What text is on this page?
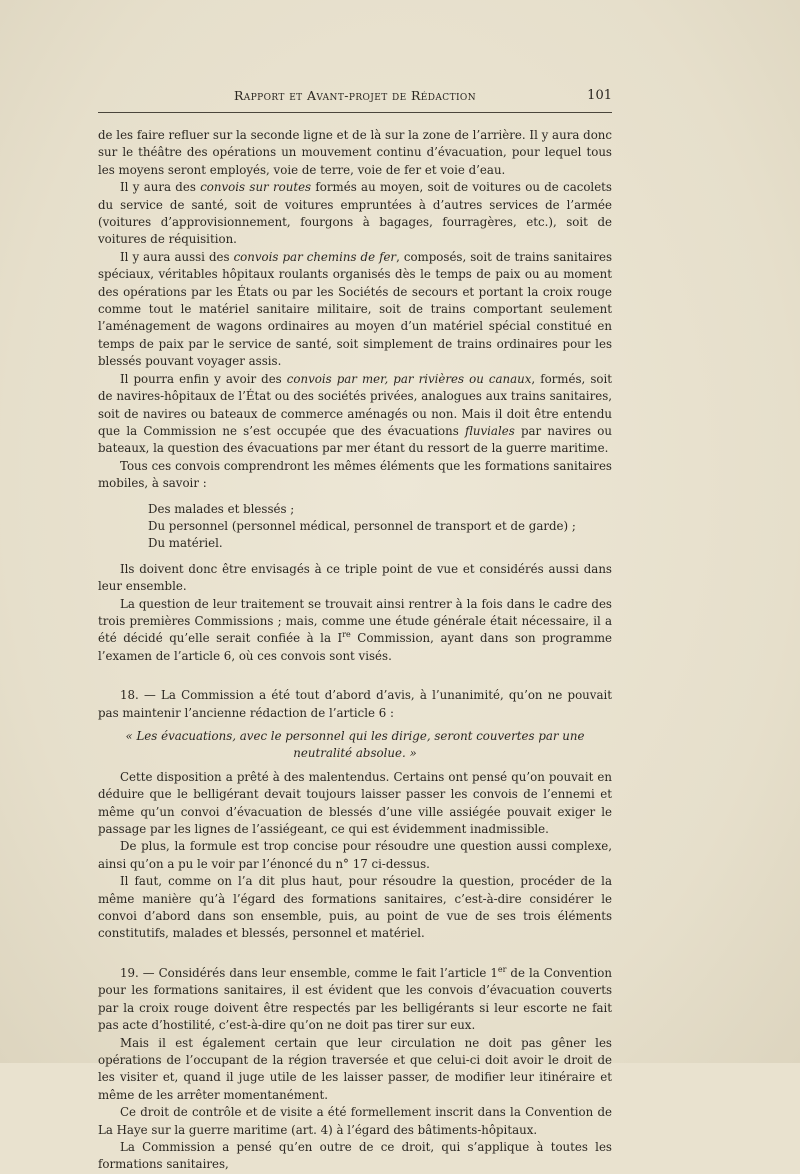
Rapport et Avant-projet de Rédaction	101

de les faire refluer sur la seconde ligne et de là sur la zone de l’arrière. Il y aura donc sur le théâtre des opérations un mouvement continu d’évacuation, pour lequel tous les moyens seront employés, voie de terre, voie de fer et voie d’eau.

Il y aura des convois sur routes formés au moyen, soit de voitures ou de cacolets du service de santé, soit de voitures empruntées à d’autres services de l’armée (voitures d’approvisionnement, fourgons à bagages, fourragères, etc.), soit de voitures de réquisition.

Il y aura aussi des convois par chemins de fer, composés, soit de trains sanitaires spéciaux, véritables hôpitaux roulants organisés dès le temps de paix ou au moment des opérations par les États ou par les Sociétés de secours et portant la croix rouge comme tout le matériel sanitaire militaire, soit de trains comportant seulement l’aménagement de wagons ordinaires au moyen d’un matériel spécial constitué en temps de paix par le service de santé, soit simplement de trains ordinaires pour les blessés pouvant voyager assis.

Il pourra enfin y avoir des convois par mer, par rivières ou canaux, formés, soit de navires-hôpitaux de l’État ou des sociétés privées, analogues aux trains sanitaires, soit de navires ou bateaux de commerce aménagés ou non. Mais il doit être entendu que la Commission ne s’est occupée que des évacuations fluviales par navires ou bateaux, la question des évacuations par mer étant du ressort de la guerre maritime.

Tous ces convois comprendront les mêmes éléments que les formations sanitaires mobiles, à savoir :

Des malades et blessés ;

Du personnel (personnel médical, personnel de transport et de garde) ;

Du matériel.

Ils doivent donc être envisagés à ce triple point de vue et considérés aussi dans leur ensemble.

La question de leur traitement se trouvait ainsi rentrer à la fois dans le cadre des trois premières Commissions ; mais, comme une étude générale était nécessaire, il a été décidé qu’elle serait confiée à la Ire Commission, ayant dans son programme l’examen de l’article 6, où ces convois sont visés.

18. — La Commission a été tout d’abord d’avis, à l’unanimité, qu’on ne pouvait pas maintenir l’ancienne rédaction de l’article 6 :

« Les évacuations, avec le personnel qui les dirige, seront couvertes par une neutralité absolue. »

Cette disposition a prêté à des malentendus. Certains ont pensé qu’on pouvait en déduire que le belligérant devait toujours laisser passer les convois de l’ennemi et même qu’un convoi d’évacuation de blessés d’une ville assiégée pouvait exiger le passage par les lignes de l’assiégeant, ce qui est évidemment inadmissible.

De plus, la formule est trop concise pour résoudre une question aussi complexe, ainsi qu’on a pu le voir par l’énoncé du n° 17 ci-dessus.

Il faut, comme on l’a dit plus haut, pour résoudre la question, procéder de la même manière qu’à l’égard des formations sanitaires, c’est-à-dire considérer le convoi d’abord dans son ensemble, puis, au point de vue de ses trois éléments constitutifs, malades et blessés, personnel et matériel.

19. — Considérés dans leur ensemble, comme le fait l’article 1er de la Convention pour les formations sanitaires, il est évident que les convois d’évacuation couverts par la croix rouge doivent être respectés par les belligérants si leur escorte ne fait pas acte d’hostilité, c’est-à-dire qu’on ne doit pas tirer sur eux.

Mais il est également certain que leur circulation ne doit pas gêner les opérations de l’occupant de la région traversée et que celui-ci doit avoir le droit de les visiter et, quand il juge utile de les laisser passer, de modifier leur itinéraire et même de les arrêter momentanément.

Ce droit de contrôle et de visite a été formellement inscrit dans la Convention de La Haye sur la guerre maritime (art. 4) à l’égard des bâtiments-hôpitaux.

La Commission a pensé qu’en outre de ce droit, qui s’applique à toutes les formations sanitaires,
